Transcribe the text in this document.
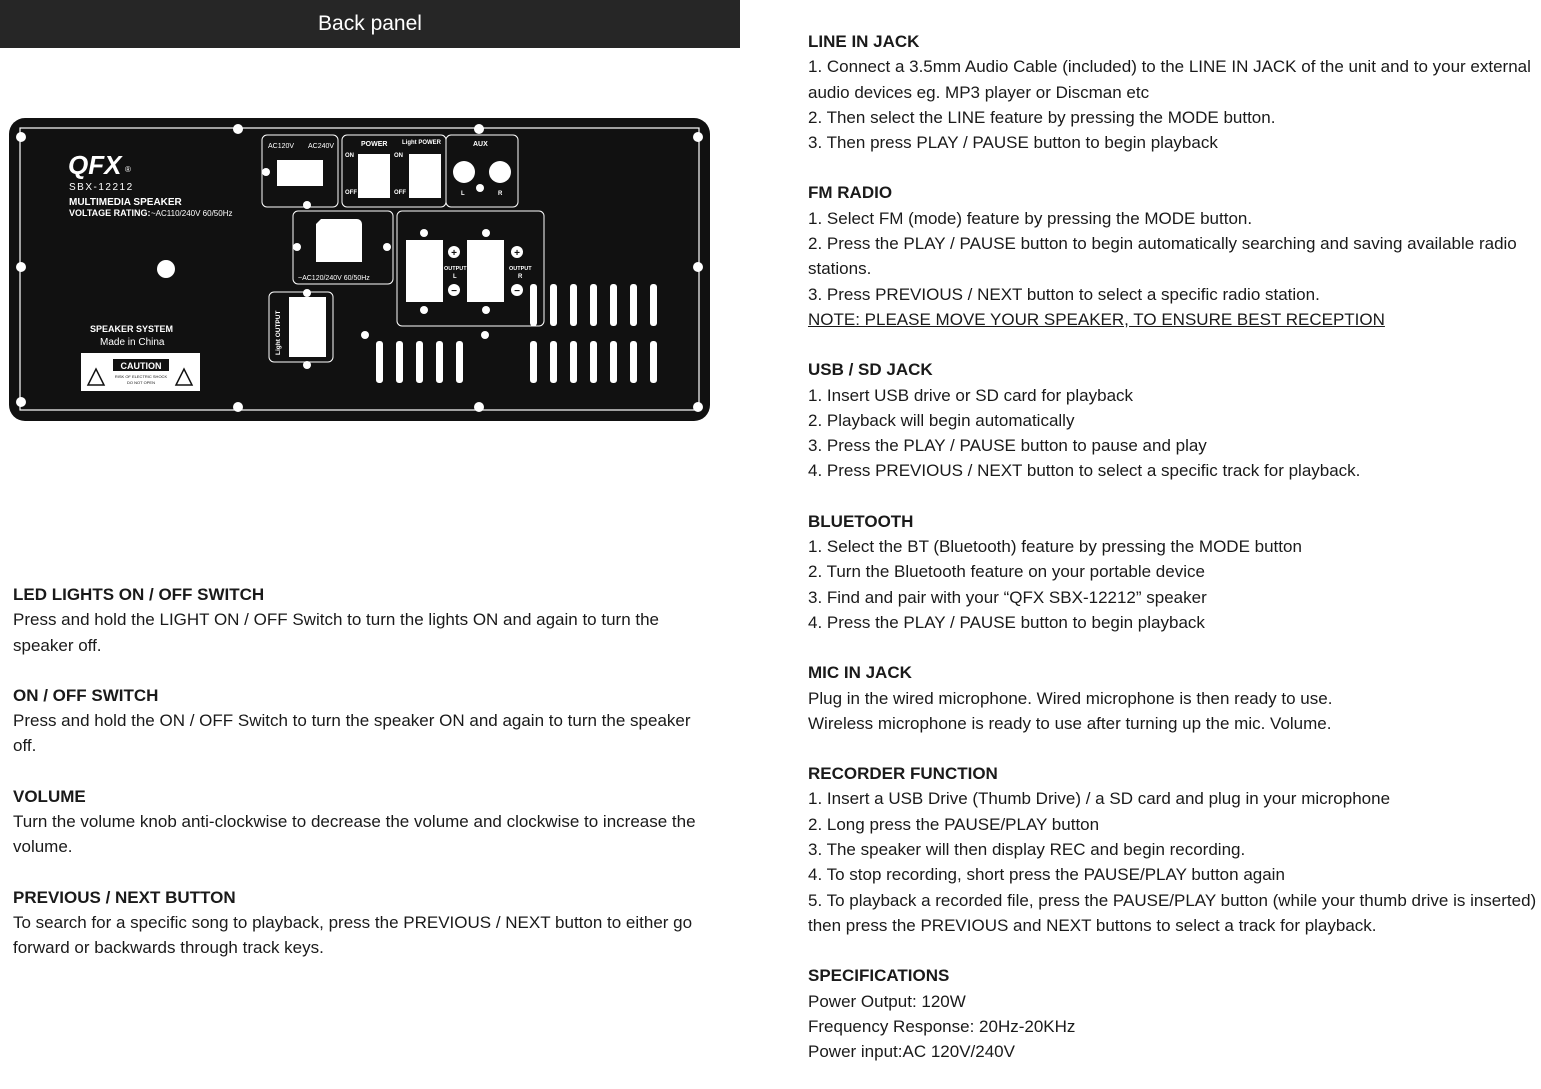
Back panel
QFX ®
SBX-12212
MULTIMEDIA SPEAKER
VOLTAGE RATING: ~AC110/240V 60/50Hz
SPEAKER SYSTEM
Made in China
CAUTION
RISK OF ELECTRIC SHOCK
DO NOT OPEN
AC120V AC240V	POWER Light POWER
ON	ON
OFF	OFF
AUX
L	R
~AC120/240V 60/50Hz
+
−
+
−
OUTPUT
L
OUTPUT
R
Light OUTPUT
LED LIGHTS ON / OFF SWITCH
Press and hold the LIGHT ON / OFF Switch to turn the lights ON and again to turn the speaker off.
ON / OFF SWITCH
Press and hold the ON / OFF Switch to turn the speaker ON and again to turn the speaker off.
VOLUME
Turn the volume knob anti-clockwise to decrease the volume and clockwise to increase the volume.
PREVIOUS / NEXT BUTTON
To search for a specific song to playback, press the PREVIOUS / NEXT button to either go forward or backwards through track keys.
LINE IN JACK
1. Connect a 3.5mm Audio Cable (included) to the LINE IN JACK of the unit and to your external audio devices eg. MP3 player or Discman etc
2. Then select the LINE feature by pressing the MODE button.
3. Then press PLAY / PAUSE button to begin playback
FM RADIO
1. Select FM (mode) feature by pressing the MODE button.
2. Press the PLAY / PAUSE button to begin automatically searching and saving available radio stations.
3. Press PREVIOUS / NEXT button to select a specific radio station.
NOTE: PLEASE MOVE YOUR SPEAKER, TO ENSURE BEST RECEPTION
USB / SD JACK
1. Insert USB drive or SD card for playback
2. Playback will begin automatically
3. Press the PLAY / PAUSE button to pause and play
4. Press PREVIOUS / NEXT button to select a specific track for playback.
BLUETOOTH
1. Select the BT (Bluetooth) feature by pressing the MODE button
2. Turn the Bluetooth feature on your portable device
3. Find and pair with your “QFX SBX-12212” speaker
4. Press the PLAY / PAUSE button to begin playback
MIC IN JACK
Plug in the wired microphone. Wired microphone is then ready to use.
Wireless microphone is ready to use after turning up the mic. Volume.
RECORDER FUNCTION
1. Insert a USB Drive (Thumb Drive) / a SD card and plug in your microphone
2. Long press the PAUSE/PLAY button
3. The speaker will then display REC and begin recording.
4. To stop recording, short press the PAUSE/PLAY button again
5. To playback a recorded file, press the PAUSE/PLAY button (while your thumb drive is inserted) then press the PREVIOUS and NEXT buttons to select a track for playback.
SPECIFICATIONS
Power Output: 120W
Frequency Response: 20Hz-20KHz
Power input:AC 120V/240V
